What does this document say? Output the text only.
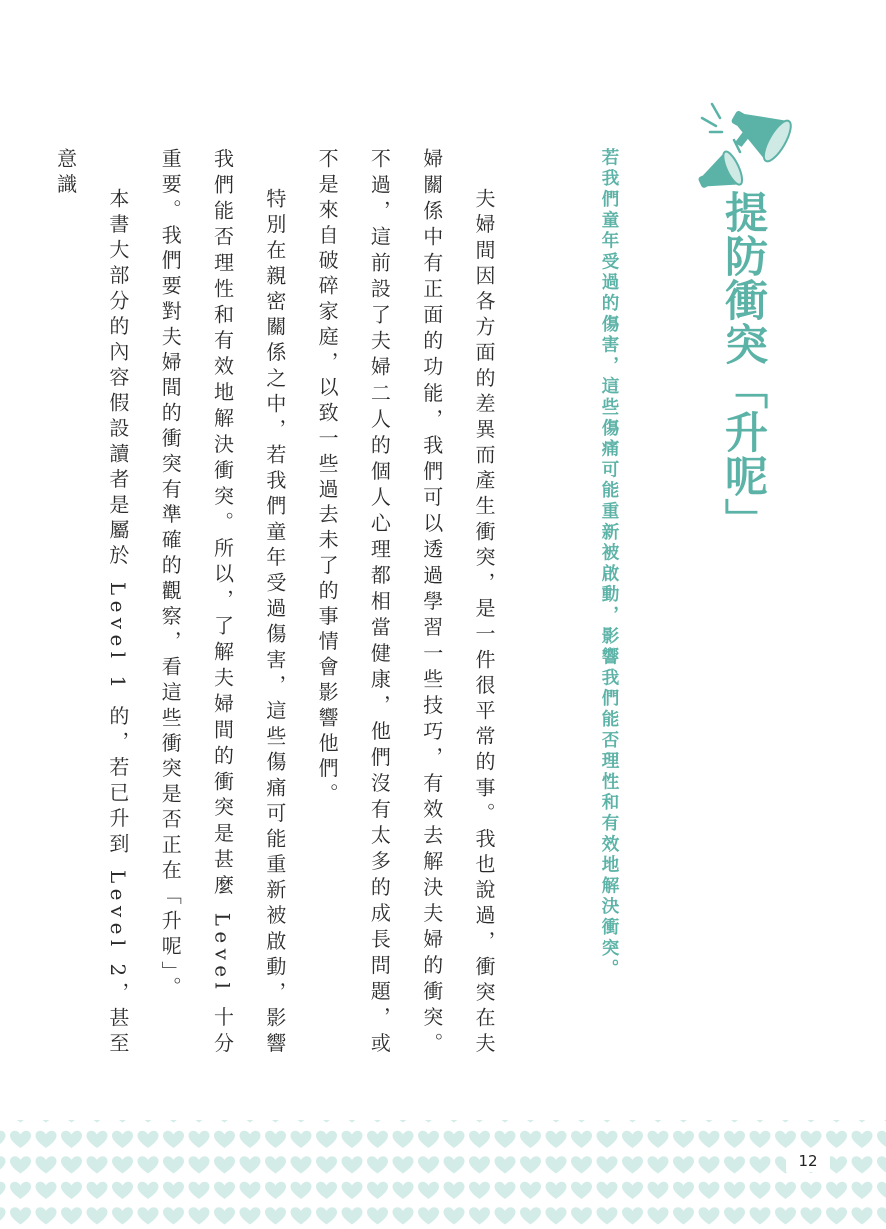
提防衝突「升呢」

若我們童年受過的傷害，這些傷痛可能重新被啟動，影響我們能否理性和有效地解決衝突。

夫婦間因各方面的差異而產生衝突，是一件很平常的事。我也說過，衝突在夫婦關係中有正面的功能，我們可以透過學習一些技巧，有效去解決夫婦的衝突。不過，這前設了夫婦二人的個人心理都相當健康，他們沒有太多的成長問題，或不是來自破碎家庭，以致一些過去未了的事情會影響他們。

特別在親密關係之中，若我們童年受過傷害，這些傷痛可能重新被啟動，影響我們能否理性和有效地解決衝突。所以，了解夫婦間的衝突是甚麼 Level 十分重要。我們要對夫婦間的衝突有準確的觀察，看這些衝突是否正在「升呢」。

本書大部分的內容假設讀者是屬於 Level 1 的，若已升到 Level 2，甚至意識

12
